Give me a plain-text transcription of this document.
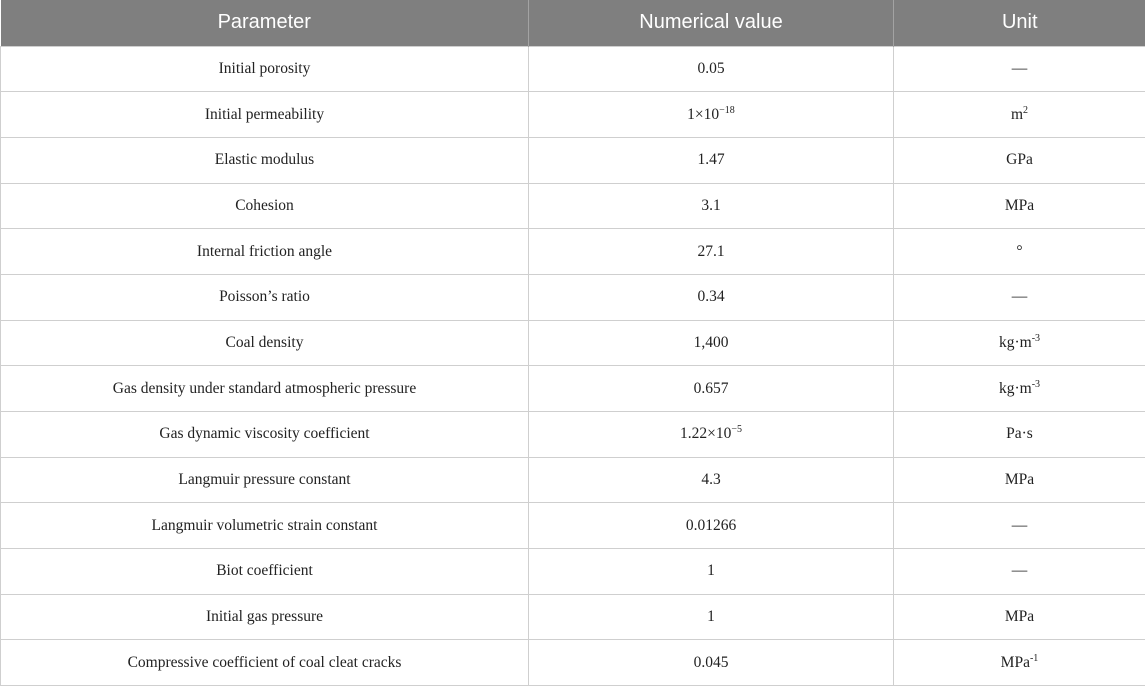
Parameter	Numerical value	Unit
Initial porosity	0.05	—
Initial permeability	$1\times 10^{-18}$	$m^2$
Elastic modulus	1.47	GPa
Cohesion	3.1	MPa
Internal friction angle	27.1	°
Poisson’s ratio	0.34	—
Coal density	1,400	$kg\cdot m^{-3}$
Gas density under standard atmospheric pressure	0.657	$kg\cdot m^{-3}$
Gas dynamic viscosity coefficient	$1.22\times 10^{-5}$	Pa·s
Langmuir pressure constant	4.3	MPa
Langmuir volumetric strain constant	0.01266	—
Biot coefficient	1	—
Initial gas pressure	1	MPa
Compressive coefficient of coal cleat cracks	0.045	MPa$^{-1}$
